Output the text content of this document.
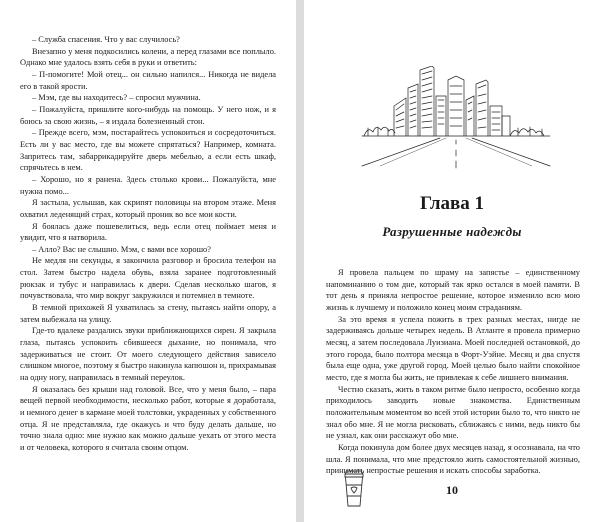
– Служба спасения. Что у вас случилось?

Внезапно у меня подкосились колени, а перед глазами все поплыло. Однако мне удалось взять себя в руки и ответить:

– П-помогите! Мой отец... он сильно напился... Никогда не видела его в такой ярости.

– Мэм, где вы находитесь? – спросил мужчина.

– Пожалуйста, пришлите кого-нибудь на помощь. У него нож, и я боюсь за свою жизнь, – я издала болезненный стон.

– Прежде всего, мэм, постарайтесь успокоиться и сосредоточиться. Есть ли у вас место, где вы можете спрятаться? Например, комната. Запритесь там, забаррикадируйте дверь мебелью, а если есть шкаф, спрячьтесь в нем.

– Хорошо, но я ранена. Здесь столько крови... Пожалуйста, мне нужна помо...

Я застыла, услышав, как скрипят половицы на втором этаже. Меня охватил леденящий страх, который проник во все мои кости.

Я боялась даже пошевелиться, ведь если отец поймает меня и увидит, что я натворила.

– Алло? Вас не слышно. Мэм, с вами все хорошо?

Не медля ни секунды, я закончила разговор и бросила телефон на стол. Затем быстро надела обувь, взяла заранее подготовленный рюкзак и тубус и направилась к двери. Сделав несколько шагов, я почувствовала, что мир вокруг закружился и потемнел в темноте.

В темной прихожей Я ухватилась за стену, пытаясь найти опору, а затем выбежала на улицу.

Где-то вдалеке раздались звуки приближающихся сирен. Я закрыла глаза, пытаясь успокоить сбившееся дыхание, но понимала, что задерживаться не стоит. От моего следующего действия зависело слишком многое, поэтому я быстро накинула капюшон и, прихрамывая на одну ногу, направилась в темный переулок.

Я оказалась без крыши над головой. Все, что у меня было, – пара вещей первой необходимости, несколько работ, которые я доработала, и немного денег в кармане моей толстовки, украденных у собственного отца. Я не представляла, где окажусь и что буду делать дальше, но точно знала одно: мне нужно как можно дальше уехать от этого места и от человека, которого я считала своим отцом.

Глава 1
Разрушенные надежды

Я провела пальцем по шраму на запястье – единственному напоминанию о том дне, который так ярко остался в моей памяти. В тот день я приняла непростое решение, которое изменило всю мою жизнь к лучшему и положило конец моим страданиям.

За это время я успела пожить в трех разных местах, нигде не задерживаясь дольше четырех недель. В Атланте я провела примерно месяц, а затем последовала Луизиана. Моей последней остановкой, до этого города, было полтора месяца в Форт-Уэйне. Месяц и два спустя была еще одна, уже другой город. Моей целью было найти спокойное место, где я могла бы жить, не привлекая к себе лишнего внимания.

Честно сказать, жить в таком ритме было непросто, особенно когда приходилось заводить новые знакомства. Единственным положительным моментом во всей этой истории было то, что никто не знал обо мне. Я не могла рисковать, сближаясь с ними, ведь никто бы не узнал, как они расскажут обо мне.

Когда покинула дом более двух месяцев назад, я осознавала, на что шла. Я понимала, что мне предстояло жить самостоятельной жизнью, принимать непростые решения и искать способы заработка.

10
